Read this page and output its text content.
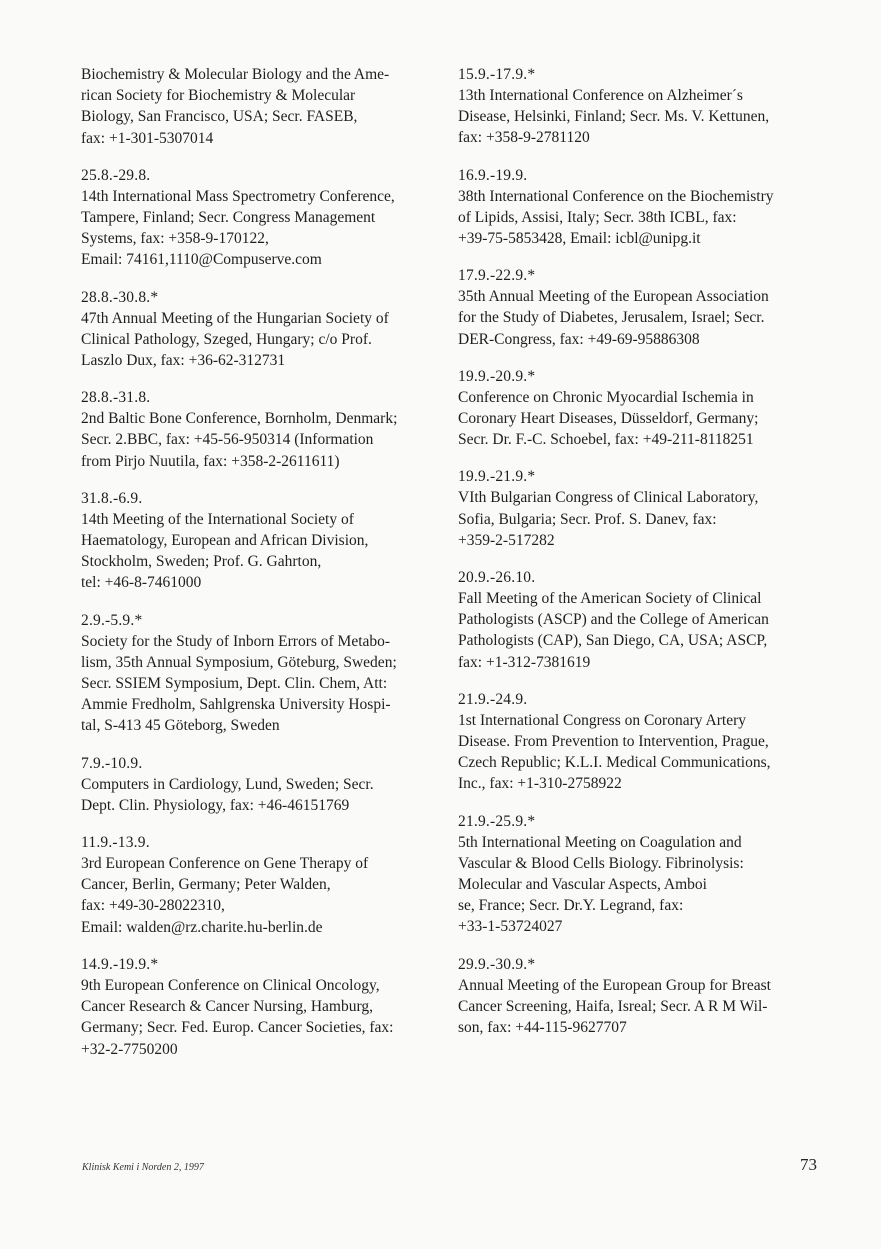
Biochemistry & Molecular Biology and the Ame-
rican Society for Biochemistry & Molecular
Biology, San Francisco, USA; Secr. FASEB,
fax: +1-301-5307014
25.8.-29.8.
14th International Mass Spectrometry Conference,
Tampere, Finland; Secr. Congress Management
Systems, fax: +358-9-170122,
Email: 74161,1110@Compuserve.com
28.8.-30.8.*
47th Annual Meeting of the Hungarian Society of
Clinical Pathology, Szeged, Hungary; c/o Prof.
Laszlo Dux, fax: +36-62-312731
28.8.-31.8.
2nd Baltic Bone Conference, Bornholm, Denmark;
Secr. 2.BBC, fax: +45-56-950314 (Information
from Pirjo Nuutila, fax: +358-2-2611611)
31.8.-6.9.
14th Meeting of the International Society of
Haematology, European and African Division,
Stockholm, Sweden; Prof. G. Gahrton,
tel: +46-8-7461000
2.9.-5.9.*
Society for the Study of Inborn Errors of Metabo-
lism, 35th Annual Symposium, Göteburg, Sweden;
Secr. SSIEM Symposium, Dept. Clin. Chem, Att:
Ammie Fredholm, Sahlgrenska University Hospi-
tal, S-413 45 Göteborg, Sweden
7.9.-10.9.
Computers in Cardiology, Lund, Sweden; Secr.
Dept. Clin. Physiology, fax: +46-46151769
11.9.-13.9.
3rd European Conference on Gene Therapy of
Cancer, Berlin, Germany; Peter Walden,
fax: +49-30-28022310,
Email: walden@rz.charite.hu-berlin.de
14.9.-19.9.*
9th European Conference on Clinical Oncology,
Cancer Research & Cancer Nursing, Hamburg,
Germany; Secr. Fed. Europ. Cancer Societies, fax:
+32-2-7750200
15.9.-17.9.*
13th International Conference on Alzheimer´s
Disease, Helsinki, Finland; Secr. Ms. V. Kettunen,
fax: +358-9-2781120
16.9.-19.9.
38th International Conference on the Biochemistry
of Lipids, Assisi, Italy; Secr. 38th ICBL, fax:
+39-75-5853428, Email: icbl@unipg.it
17.9.-22.9.*
35th Annual Meeting of the European Association
for the Study of Diabetes, Jerusalem, Israel; Secr.
DER-Congress, fax: +49-69-95886308
19.9.-20.9.*
Conference on Chronic Myocardial Ischemia in
Coronary Heart Diseases, Düsseldorf, Germany;
Secr. Dr. F.-C. Schoebel, fax: +49-211-8118251
19.9.-21.9.*
VIth Bulgarian Congress of Clinical Laboratory,
Sofia, Bulgaria; Secr. Prof. S. Danev, fax:
+359-2-517282
20.9.-26.10.
Fall Meeting of the American Society of Clinical
Pathologists (ASCP) and the College of American
Pathologists (CAP), San Diego, CA, USA; ASCP,
fax: +1-312-7381619
21.9.-24.9.
1st International Congress on Coronary Artery
Disease. From Prevention to Intervention, Prague,
Czech Republic; K.L.I. Medical Communications,
Inc., fax: +1-310-2758922
21.9.-25.9.*
5th International Meeting on Coagulation and
Vascular & Blood Cells Biology. Fibrinolysis:
Molecular and Vascular Aspects, Amboi
se, France; Secr. Dr.Y. Legrand, fax:
+33-1-53724027
29.9.-30.9.*
Annual Meeting of the European Group for Breast
Cancer Screening, Haifa, Isreal; Secr. A R M Wil-
son, fax: +44-115-9627707
Klinisk Kemi i Norden 2, 1997	73
